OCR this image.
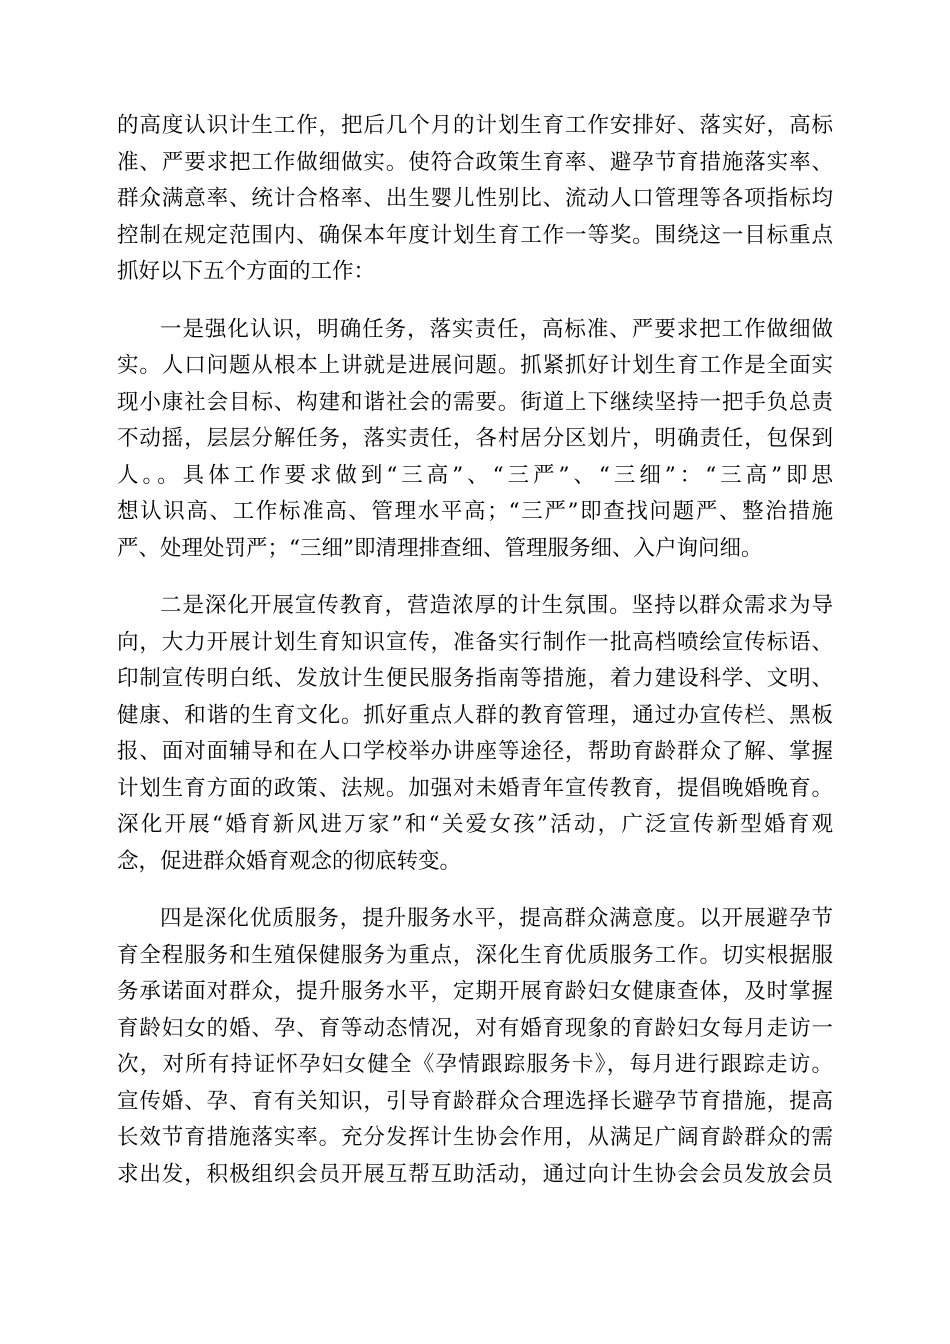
的高度认识计生工作，把后几个月的计划生育工作安排好、落实好，高标
准、严要求把工作做细做实。使符合政策生育率、避孕节育措施落实率、
群众满意率、统计合格率、出生婴儿性别比、流动人口管理等各项指标均
控制在规定范围内、确保本年度计划生育工作一等奖。围绕这一目标重点
抓好以下五个方面的工作：

一是强化认识，明确任务，落实责任，高标准、严要求把工作做细做
实。人口问题从根本上讲就是进展问题。抓紧抓好计划生育工作是全面实
现小康社会目标、构建和谐社会的需要。街道上下继续坚持一把手负总责
不动摇，层层分解任务，落实责任，各村居分区划片，明确责任，包保到
人。。具体工作要求做到“三高”、“三严”、“三细”：“三高”即思
想认识高、工作标准高、管理水平高；“三严”即查找问题严、整治措施
严、处理处罚严；“三细”即清理排查细、管理服务细、入户询问细。

二是深化开展宣传教育，营造浓厚的计生氛围。坚持以群众需求为导
向，大力开展计划生育知识宣传，准备实行制作一批高档喷绘宣传标语、
印制宣传明白纸、发放计生便民服务指南等措施，着力建设科学、文明、
健康、和谐的生育文化。抓好重点人群的教育管理，通过办宣传栏、黑板
报、面对面辅导和在人口学校举办讲座等途径，帮助育龄群众了解、掌握
计划生育方面的政策、法规。加强对未婚青年宣传教育，提倡晚婚晚育。
深化开展“婚育新风进万家”和“关爱女孩”活动，广泛宣传新型婚育观
念，促进群众婚育观念的彻底转变。

四是深化优质服务，提升服务水平，提高群众满意度。以开展避孕节
育全程服务和生殖保健服务为重点，深化生育优质服务工作。切实根据服
务承诺面对群众，提升服务水平，定期开展育龄妇女健康查体，及时掌握
育龄妇女的婚、孕、育等动态情况，对有婚育现象的育龄妇女每月走访一
次，对所有持证怀孕妇女健全《孕情跟踪服务卡》，每月进行跟踪走访。
宣传婚、孕、育有关知识，引导育龄群众合理选择长避孕节育措施，提高
长效节育措施落实率。充分发挥计生协会作用，从满足广阔育龄群众的需
求出发，积极组织会员开展互帮互助活动，通过向计生协会会员发放会员
